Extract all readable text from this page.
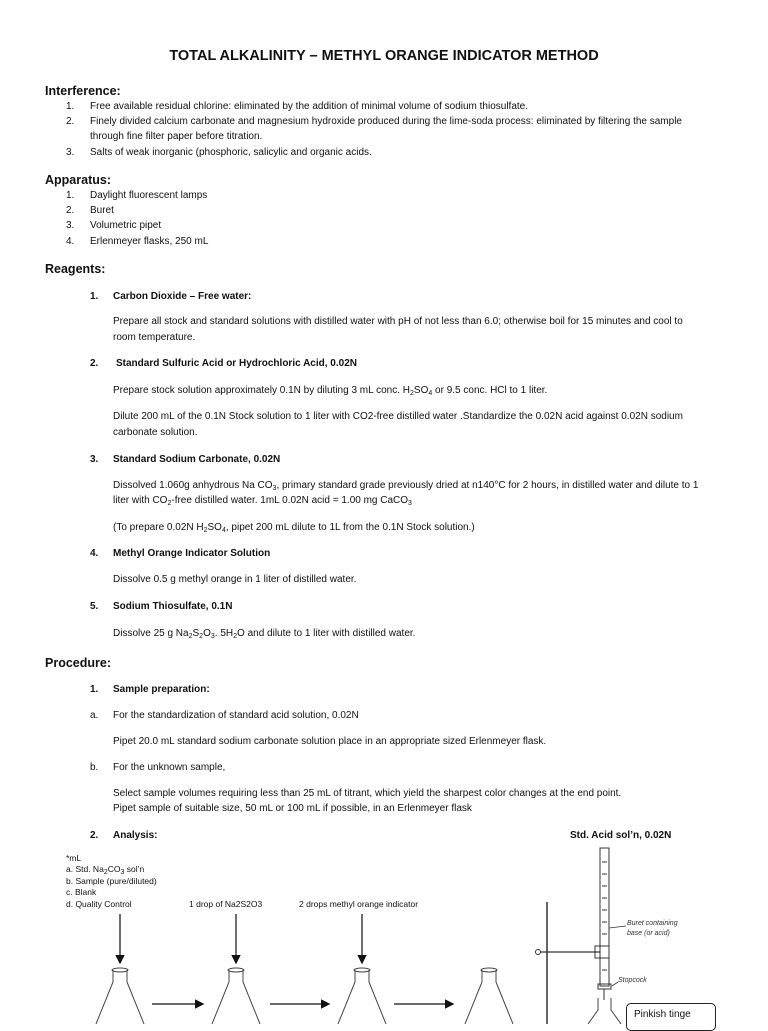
TOTAL ALKALINITY – METHYL ORANGE INDICATOR METHOD
Interference:
1. Free available residual chlorine: eliminated by the addition of minimal volume of sodium thiosulfate.
2. Finely divided calcium carbonate and magnesium hydroxide produced during the lime-soda process: eliminated by filtering the sample
through fine filter paper before titration.
3. Salts of weak inorganic (phosphoric, salicylic and organic acids.
Apparatus:
1. Daylight fluorescent lamps
2. Buret
3. Volumetric pipet
4. Erlenmeyer flasks, 250 mL
Reagents:
1. Carbon Dioxide – Free water:
Prepare all stock and standard solutions with distilled water with pH of not less than 6.0; otherwise boil for 15 minutes and cool to
room temperature.
2. Standard Sulfuric Acid or Hydrochloric Acid, 0.02N
Prepare stock solution approximately 0.1N by diluting 3 mL conc. $H_2SO_4$ or 9.5 conc. HCl to 1 liter.
Dilute 200 mL of the 0.1N Stock solution to 1 liter with CO2-free distilled water .Standardize the 0.02N acid against 0.02N sodium
carbonate solution.
3. Standard Sodium Carbonate, 0.02N
Dissolved 1.060g anhydrous Na $CO_3$, primary standard grade previously dried at n140°C for 2 hours, in distilled water and dilute to 1
liter with $CO_2$-free distilled water. 1mL 0.02N acid = 1.00 mg CaCO$_3$
(To prepare 0.02N $H_2SO_4$, pipet 200 mL dilute to 1L from the 0.1N Stock solution.)
4. Methyl Orange Indicator Solution
Dissolve 0.5 g methyl orange in 1 liter of distilled water.
5. Sodium Thiosulfate, 0.1N
Dissolve 25 g $Na_2S_2O_3$. $5H_2O$ and dilute to 1 liter with distilled water.
Procedure:
1. Sample preparation:
a. For the standardization of standard acid solution, 0.02N
Pipet 20.0 mL standard sodium carbonate solution place in an appropriate sized Erlenmeyer flask.
b. For the unknown sample,
Select sample volumes requiring less than 25 mL of titrant, which yield the sharpest color changes at the end point.
Pipet sample of suitable size, 50 mL or 100 mL if possible, in an Erlenmeyer flask
2. Analysis:	Std. Acid sol’n, 0.02N
*mL
a. Std. $Na_2CO_3$ sol’n
b. Sample (pure/diluted)
c. Blank
d. Quality Control	1 drop of Na2S2O3	2 drops methyl orange indicator
Buret containing
base (or acid)
Stopcock
Pinkish tinge
